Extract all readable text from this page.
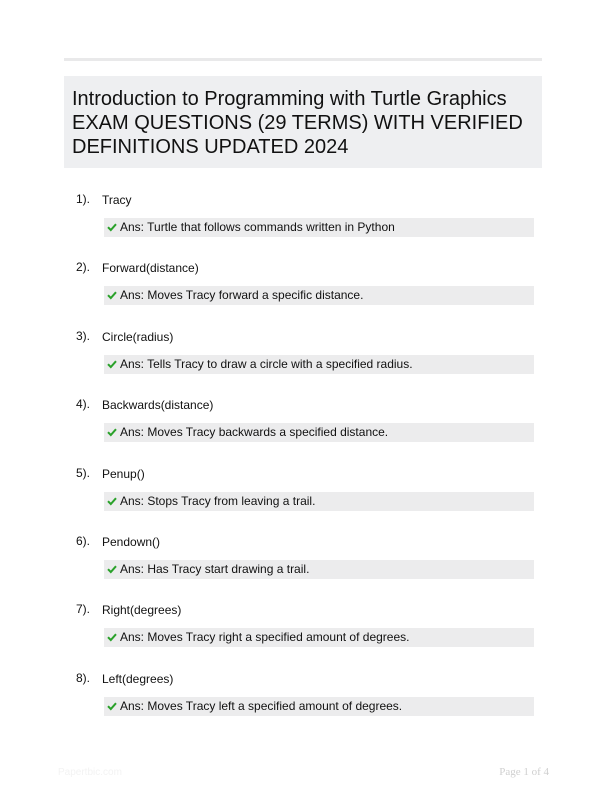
Introduction to Programming with Turtle Graphics EXAM QUESTIONS (29 TERMS) WITH VERIFIED DEFINITIONS UPDATED 2024
1). Tracy
Ans: Turtle that follows commands written in Python
2). Forward(distance)
Ans: Moves Tracy forward a specific distance.
3). Circle(radius)
Ans: Tells Tracy to draw a circle with a specified radius.
4). Backwards(distance)
Ans: Moves Tracy backwards a specified distance.
5). Penup()
Ans: Stops Tracy from leaving a trail.
6). Pendown()
Ans: Has Tracy start drawing a trail.
7). Right(degrees)
Ans: Moves Tracy right a specified amount of degrees.
8). Left(degrees)
Ans: Moves Tracy left a specified amount of degrees.
Papertbic.com	Page 1 of 4
